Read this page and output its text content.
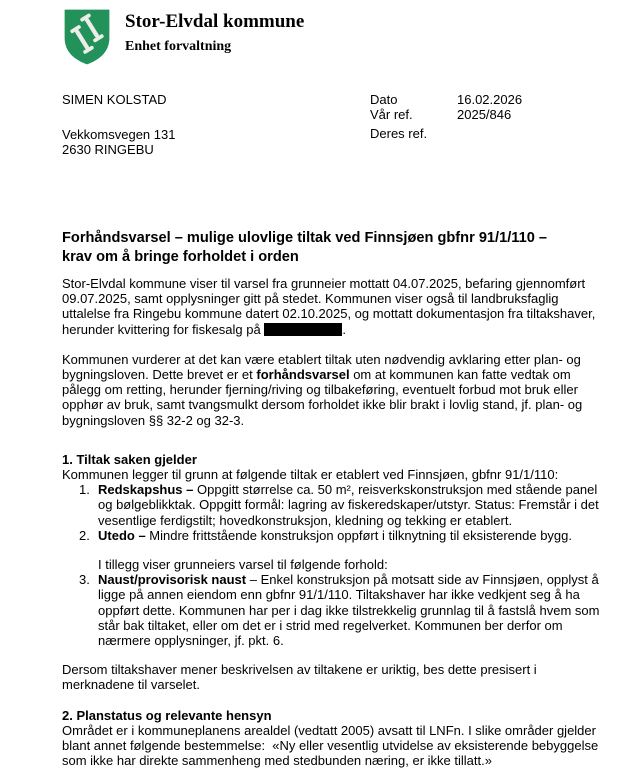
Stor-Elvdal kommune
Enhet forvaltning
SIMEN KOLSTAD
Vekkomsvegen 131
2630 RINGEBU
Dato	16.02.2026
Vår ref.	2025/846
Deres ref.
Forhåndsvarsel – mulige ulovlige tiltak ved Finnsjøen gbfnr 91/1/110 –
krav om å bringe forholdet i orden
Stor-Elvdal kommune viser til varsel fra grunneier mottatt 04.07.2025, befaring gjennomført 09.07.2025, samt opplysninger gitt på stedet. Kommunen viser også til landbruksfaglig uttalelse fra Ringebu kommune datert 02.10.2025, og mottatt dokumentasjon fra tiltakshaver, herunder kvittering for fiskesalg på	.
Kommunen vurderer at det kan være etablert tiltak uten nødvendig avklaring etter plan- og bygningsloven. Dette brevet er et forhåndsvarsel om at kommunen kan fatte vedtak om pålegg om retting, herunder fjerning/riving og tilbakeføring, eventuelt forbud mot bruk eller opphør av bruk, samt tvangsmulkt dersom forholdet ikke blir brakt i lovlig stand, jf. plan- og bygningsloven §§ 32-2 og 32-3.
1. Tiltak saken gjelder
Kommunen legger til grunn at følgende tiltak er etablert ved Finnsjøen, gbfnr 91/1/110:
1. Redskapshus – Oppgitt størrelse ca. 50 m², reisverkskonstruksjon med stående panel og bølgeblikktak. Oppgitt formål: lagring av fiskeredskaper/utstyr. Status: Fremstår i det vesentlige ferdigstilt; hovedkonstruksjon, kledning og tekking er etablert.
2. Utedo – Mindre frittstående konstruksjon oppført i tilknytning til eksisterende bygg.
I tillegg viser grunneiers varsel til følgende forhold:
3. Naust/provisorisk naust – Enkel konstruksjon på motsatt side av Finnsjøen, opplyst å ligge på annen eiendom enn gbfnr 91/1/110. Tiltakshaver har ikke vedkjent seg å ha oppført dette. Kommunen har per i dag ikke tilstrekkelig grunnlag til å fastslå hvem som står bak tiltaket, eller om det er i strid med regelverket. Kommunen ber derfor om nærmere opplysninger, jf. pkt. 6.
Dersom tiltakshaver mener beskrivelsen av tiltakene er uriktig, bes dette presisert i merknadene til varselet.
2. Planstatus og relevante hensyn
Området er i kommuneplanens arealdel (vedtatt 2005) avsatt til LNFn. I slike områder gjelder blant annet følgende bestemmelse:  «Ny eller vesentlig utvidelse av eksisterende bebyggelse som ikke har direkte sammenheng med stedbunden næring, er ikke tillatt.»
